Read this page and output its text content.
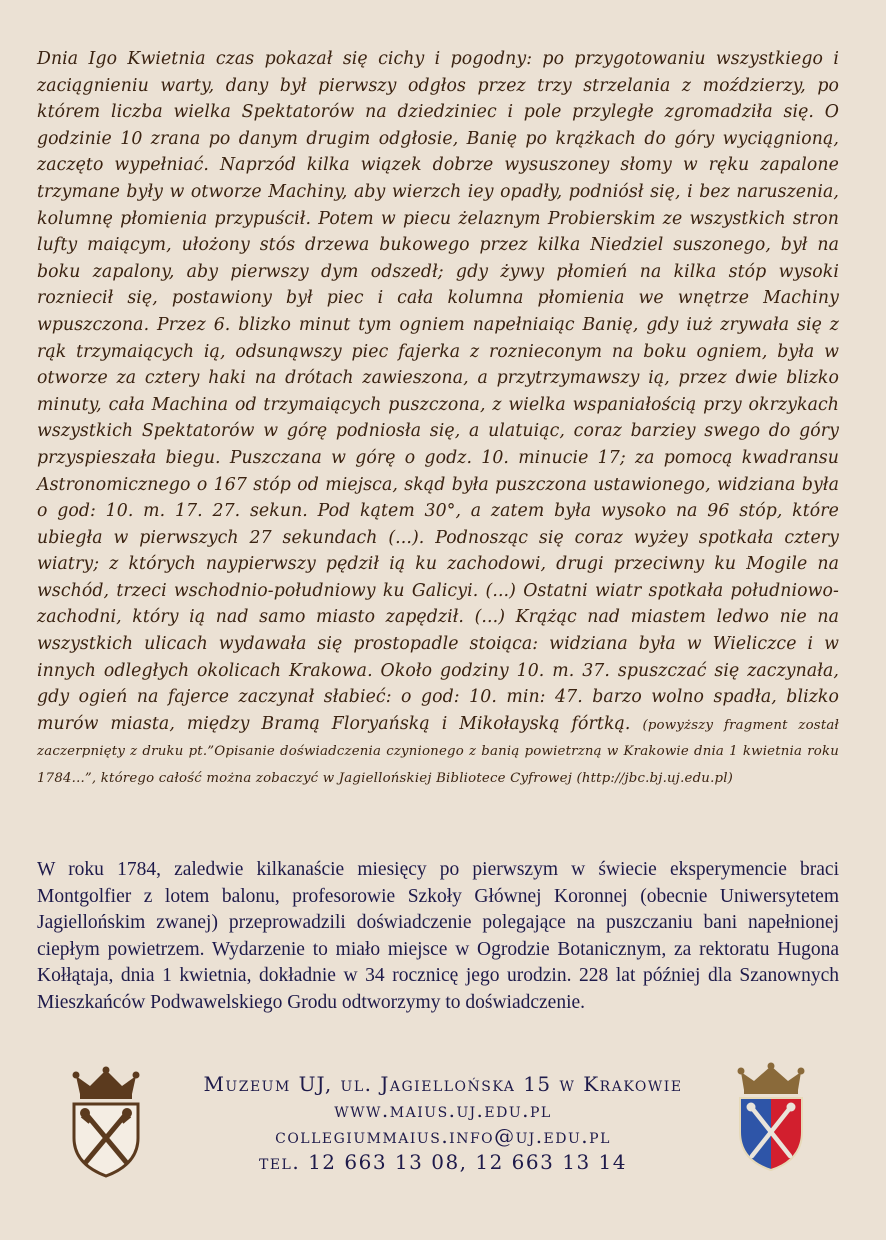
Dnia Igo Kwietnia czas pokazał się cichy i pogodny: po przygotowaniu wszystkiego i zaciągnieniu warty, dany był pierwszy odgłos przez trzy strzelania z moździerzy, po którem liczba wielka Spektatorów na dziedziniec i pole przyległe zgromadziła się. O godzinie 10 zrana po danym drugim odgłosie, Banię po krążkach do góry wyciągnioną, zaczęto wypełniać. Naprzód kilka wiązek dobrze wysuszoney słomy w ręku zapalone trzymane były w otworze Machiny, aby wierzch iey opadły, podniósł się, i bez naruszenia, kolumnę płomienia przypuścił. Potem w piecu żelaznym Probierskim ze wszystkich stron lufty maiącym, ułożony stós drzewa bukowego przez kilka Niedziel suszonego, był na boku zapalony, aby pierwszy dym odszedł; gdy żywy płomień na kilka stóp wysoki rozniecił się, postawiony był piec i cała kolumna płomienia we wnętrze Machiny wpuszczona. Przez 6. blizko minut tym ogniem napełniaiąc Banię, gdy iuż zrywała się z rąk trzymaiących ią, odsunąwszy piec fajerka z roznieconym na boku ogniem, była w otworze za cztery haki na drótach zawieszona, a przytrzymawszy ią, przez dwie blizko minuty, cała Machina od trzymaiących puszczona, z wielka wspaniałością przy okrzykach wszystkich Spektatorów w górę podniosła się, a ulatuiąc, coraz barziey swego do góry przyspieszała biegu. Puszczana w górę o godz. 10. minucie 17; za pomocą kwadransu Astronomicznego o 167 stóp od miejsca, skąd była puszczona ustawionego, widziana była o god: 10. m. 17. 27. sekun. Pod kątem 30°, a zatem była wysoko na 96 stóp, które ubiegła w pierwszych 27 sekundach (...). Podnosząc się coraz wyżey spotkała cztery wiatry; z których naypierwszy pędził ią ku zachodowi, drugi przeciwny ku Mogile na wschód, trzeci wschodnio-południowy ku Galicyi. (...) Ostatni wiatr spotkała południowo-zachodni, który ią nad samo miasto zapędził. (...) Krążąc nad miastem ledwo nie na wszystkich ulicach wydawała się prostopadle stoiąca: widziana była w Wieliczce i w innych odległych okolicach Krakowa. Około godziny 10. m. 37. spuszczać się zaczynała, gdy ogień na fajerce zaczynał słabieć: o god: 10. min: 47. barzo wolno spadła, blizko murów miasta, między Bramą Floryańską i Mikołayską fórtką. (powyższy fragment został zaczerpnięty z druku pt.”Opisanie doświadczenia czynionego z banią powietrzną w Krakowie dnia 1 kwietnia roku 1784...”, którego całość można zobaczyć w Jagiellońskiej Bibliotece Cyfrowej (http://jbc.bj.uj.edu.pl)

W roku 1784, zaledwie kilkanaście miesięcy po pierwszym w świecie eksperymencie braci Montgolfier z lotem balonu, profesorowie Szkoły Głównej Koronnej (obecnie Uniwersytetem Jagiellońskim zwanej) przeprowadzili doświadczenie polegające na puszczaniu bani napełnionej ciepłym powietrzem. Wydarzenie to miało miejsce w Ogrodzie Botanicznym, za rektoratu Hugona Kołłątaja, dnia 1 kwietnia, dokładnie w 34 rocznicę jego urodzin. 228 lat później dla Szanownych Mieszkańców Podwawelskiego Grodu odtworzymy to doświadczenie.

Muzeum UJ, ul. Jagiellońska 15 w Krakowie
www.maius.uj.edu.pl
collegiummaius.info@uj.edu.pl
tel. 12 663 13 08, 12 663 13 14
